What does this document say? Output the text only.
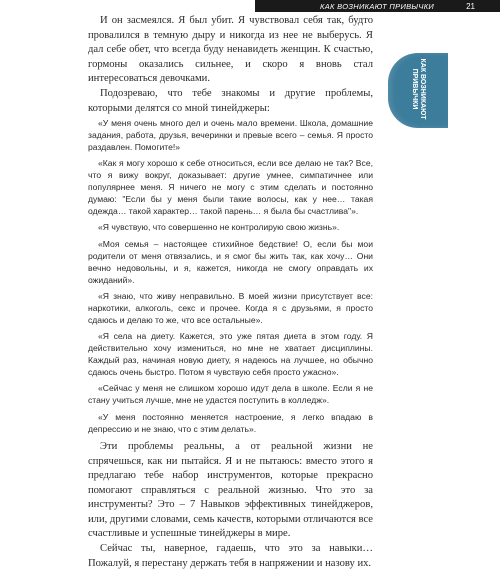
КАК ВОЗНИКАЮТ ПРИВЫЧКИ	21
КАК ВОЗНИКАЮТ
ПРИВЫЧКИ

И он засмеялся. Я был убит. Я чувствовал себя так, будто провалился в темную дыру и никогда из нее не выберусь. Я дал себе обет, что всегда буду ненавидеть женщин. К счастью, гормоны оказались сильнее, и скоро я вновь стал интересоваться девочками.

Подозреваю, что тебе знакомы и другие проблемы, которыми делятся со мной тинейджеры:

«У меня очень много дел и очень мало времени. Школа, домашние задания, работа, друзья, вечеринки и превые всего – семья. Я просто раздавлен. Помогите!»

«Как я могу хорошо к себе относиться, если все делаю не так? Все, что я вижу вокруг, доказывает: другие умнее, симпатичнее или популярнее меня. Я ничего не могу с этим сделать и постоянно думаю: "Если бы у меня были такие волосы, как у нее… такая одежда… такой характер… такой парень… я была бы счастлива"».

«Я чувствую, что совершенно не контролирую свою жизнь».

«Моя семья – настоящее стихийное бедствие! О, если бы мои родители от меня отвязались, и я смог бы жить так, как хочу… Они вечно недовольны, и я, кажется, никогда не смогу оправдать их ожиданий».

«Я знаю, что живу неправильно. В моей жизни присутствует все: наркотики, алкоголь, секс и прочее. Когда я с друзьями, я просто сдаюсь и делаю то же, что все остальные».

«Я села на диету. Кажется, это уже пятая диета в этом году. Я действительно хочу измениться, но мне не хватает дисциплины. Каждый раз, начиная новую диету, я надеюсь на лучшее, но обычно сдаюсь очень быстро. Потом я чувствую себя просто ужасно».

«Сейчас у меня не слишком хорошо идут дела в школе. Если я не стану учиться лучше, мне не удастся поступить в колледж».

«У меня постоянно меняется настроение, я легко впадаю в депрессию и не знаю, что с этим делать».

Эти проблемы реальны, а от реальной жизни не спрячешься, как ни пытайся. Я и не пытаюсь: вместо этого я предлагаю тебе набор инструментов, которые прекрасно помогают справляться с реальной жизнью. Что это за инструменты? Это – 7 Навыков эффективных тинейджеров, или, другими словами, семь качеств, которыми отличаются все счастливые и успешные тинейджеры в мире.

Сейчас ты, наверное, гадаешь, что это за навыки… Пожалуй, я перестану держать тебя в напряжении и назову их.
